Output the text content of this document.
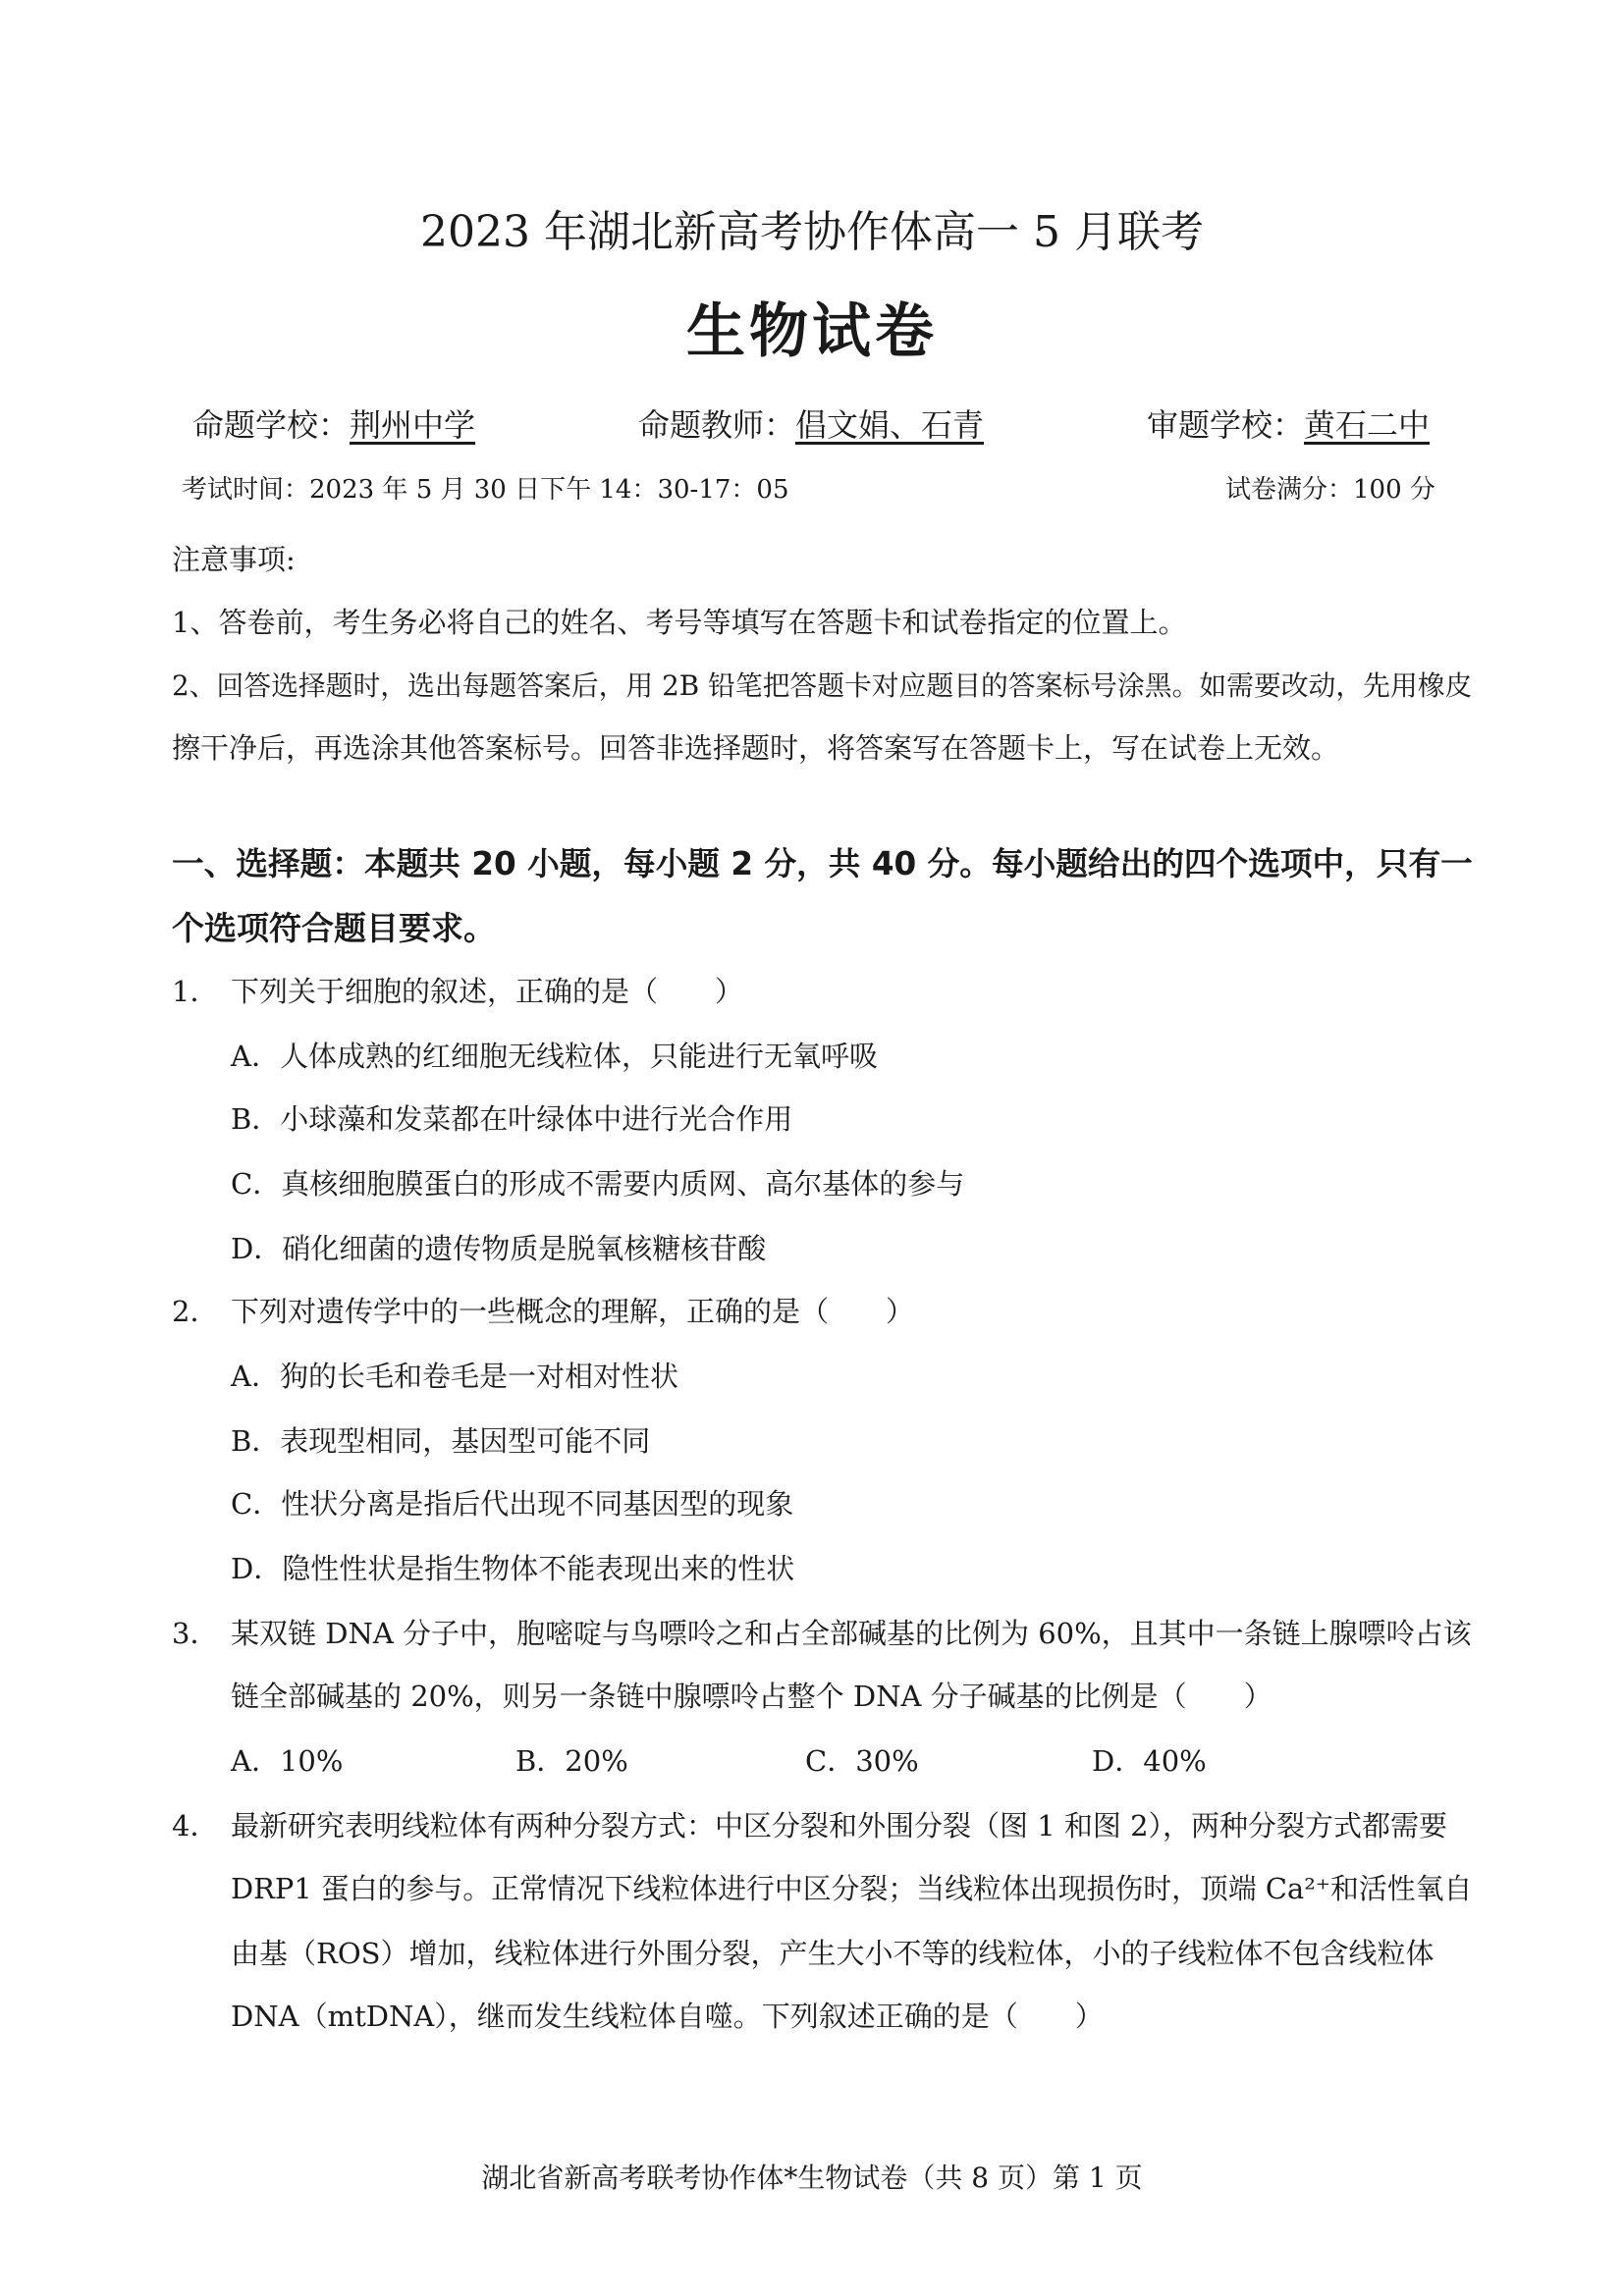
2023 年湖北新高考协作体高一 5 月联考
生物试卷
命题学校：荆州中学	命题教师：倡文娟、石青	审题学校：黄石二中
考试时间：2023 年 5 月 30 日下午 14：30-17：05	试卷满分：100 分
注意事项:
1、答卷前，考生务必将自己的姓名、考号等填写在答题卡和试卷指定的位置上。
2、回答选择题时，选出每题答案后，用 2B 铅笔把答题卡对应题目的答案标号涂黑。如需要改动，先用橡皮
擦干净后，再选涂其他答案标号。回答非选择题时，将答案写在答题卡上，写在试卷上无效。
一、选择题：本题共 20 小题，每小题 2 分，共 40 分。每小题给出的四个选项中，只有一
个选项符合题目要求。
1． 下列关于细胞的叙述，正确的是（　　）
A．人体成熟的红细胞无线粒体，只能进行无氧呼吸
B．小球藻和发菜都在叶绿体中进行光合作用
C．真核细胞膜蛋白的形成不需要内质网、高尔基体的参与
D．硝化细菌的遗传物质是脱氧核糖核苷酸
2． 下列对遗传学中的一些概念的理解，正确的是（　　）
A．狗的长毛和卷毛是一对相对性状
B．表现型相同，基因型可能不同
C．性状分离是指后代出现不同基因型的现象
D．隐性性状是指生物体不能表现出来的性状
3． 某双链 DNA 分子中，胞嘧啶与鸟嘌呤之和占全部碱基的比例为 60%，且其中一条链上腺嘌呤占该
链全部碱基的 20%，则另一条链中腺嘌呤占整个 DNA 分子碱基的比例是（　　）
A．10%	B．20%	C．30%	D．40%
4． 最新研究表明线粒体有两种分裂方式：中区分裂和外围分裂（图 1 和图 2），两种分裂方式都需要
DRP1 蛋白的参与。正常情况下线粒体进行中区分裂；当线粒体出现损伤时，顶端 Ca²⁺和活性氧自
由基（ROS）增加，线粒体进行外围分裂，产生大小不等的线粒体，小的子线粒体不包含线粒体
DNA（mtDNA），继而发生线粒体自噬。下列叙述正确的是（　　）
湖北省新高考联考协作体*生物试卷（共 8 页）第 1 页
